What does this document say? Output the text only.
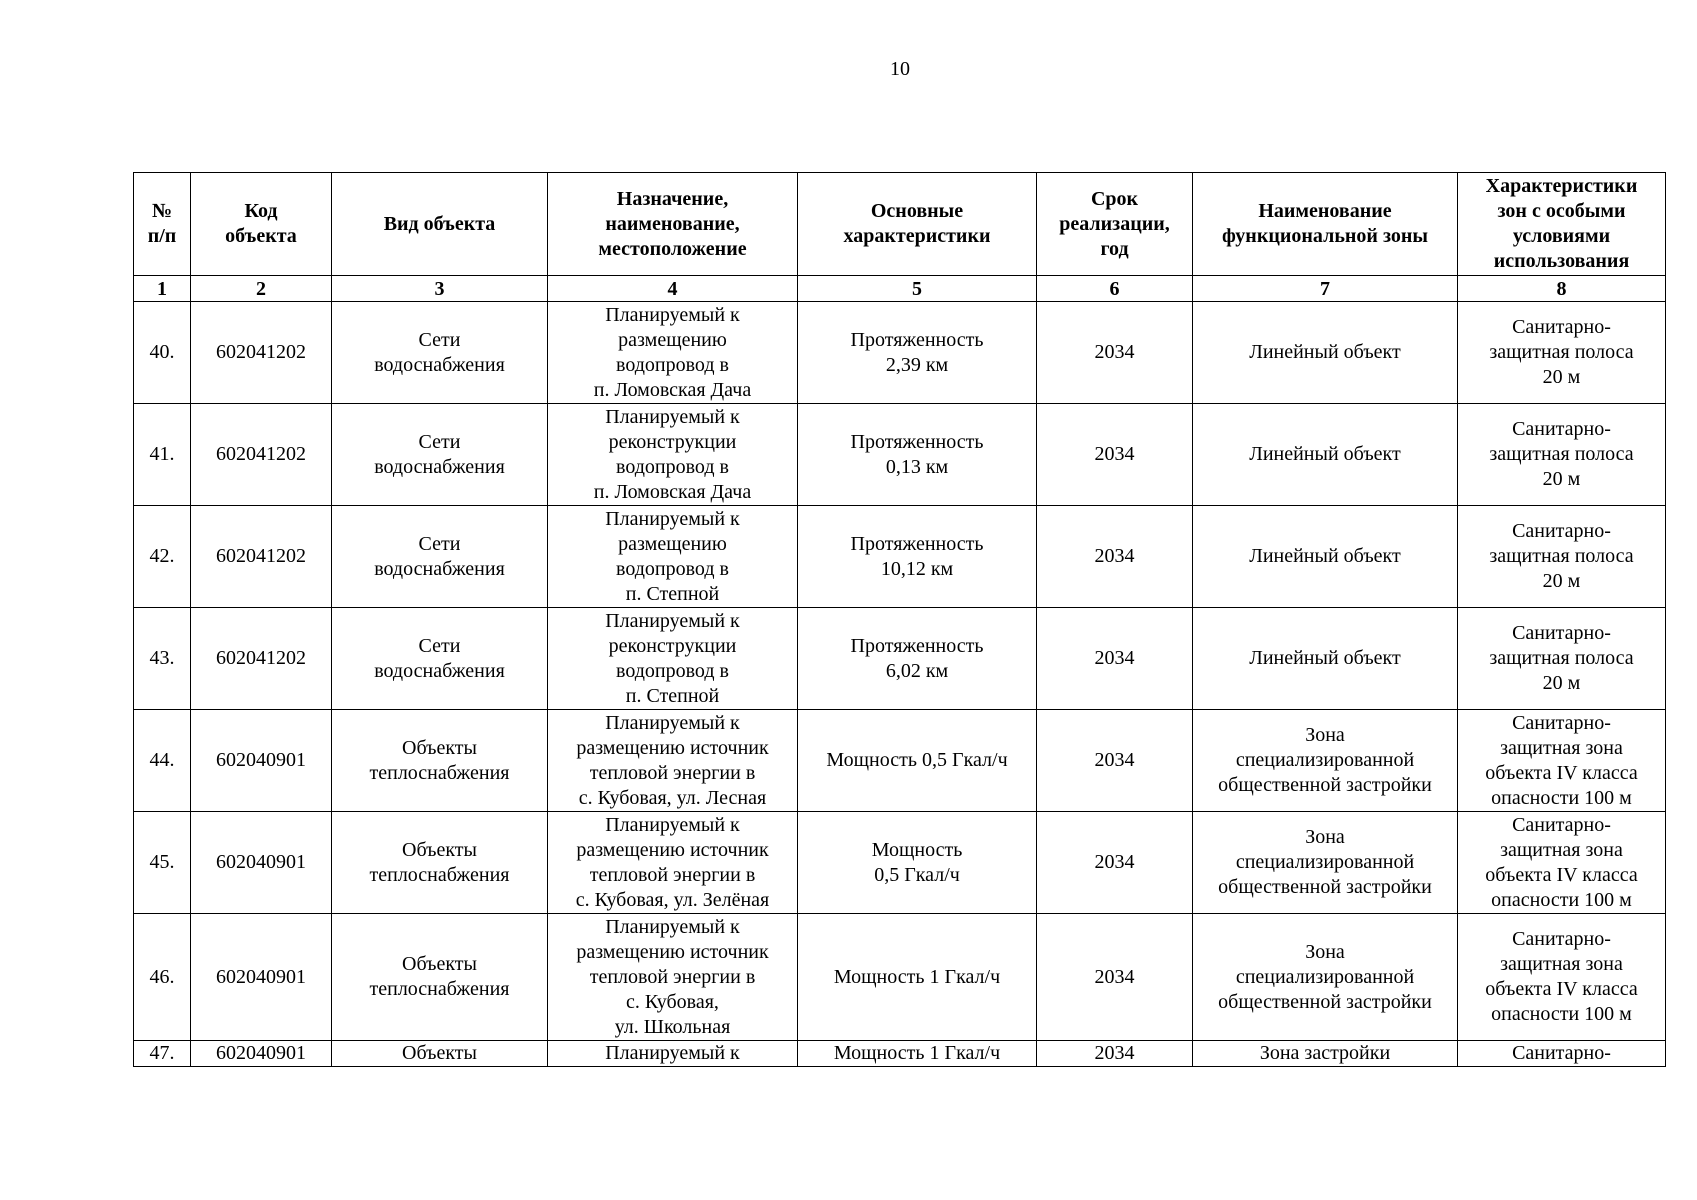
10
№
п/п	Код
объекта	Вид объекта	Назначение,
наименование,
местоположение	Основные
характеристики	Срок
реализации,
год	Наименование
функциональной зоны	Характеристики
зон с особыми
условиями
использования
1	2	3	4	5	6	7	8
40.	602041202	Сети
водоснабжения	Планируемый к
размещению
водопровод в
п. Ломовская Дача	Протяженность
2,39 км	2034	Линейный объект	Санитарно-
защитная полоса
20 м
41.	602041202	Сети
водоснабжения	Планируемый к
реконструкции
водопровод в
п. Ломовская Дача	Протяженность
0,13 км	2034	Линейный объект	Санитарно-
защитная полоса
20 м
42.	602041202	Сети
водоснабжения	Планируемый к
размещению
водопровод в
п. Степной	Протяженность
10,12 км	2034	Линейный объект	Санитарно-
защитная полоса
20 м
43.	602041202	Сети
водоснабжения	Планируемый к
реконструкции
водопровод в
п. Степной	Протяженность
6,02 км	2034	Линейный объект	Санитарно-
защитная полоса
20 м
44.	602040901	Объекты
теплоснабжения	Планируемый к
размещению источник
тепловой энергии в
с. Кубовая, ул. Лесная	Мощность 0,5 Гкал/ч	2034	Зона
специализированной
общественной застройки	Санитарно-
защитная зона
объекта IV класса
опасности 100 м
45.	602040901	Объекты
теплоснабжения	Планируемый к
размещению источник
тепловой энергии в
с. Кубовая, ул. Зелёная	Мощность
0,5 Гкал/ч	2034	Зона
специализированной
общественной застройки	Санитарно-
защитная зона
объекта IV класса
опасности 100 м
46.	602040901	Объекты
теплоснабжения	Планируемый к
размещению источник
тепловой энергии в
с. Кубовая,
ул. Школьная	Мощность 1 Гкал/ч	2034	Зона
специализированной
общественной застройки	Санитарно-
защитная зона
объекта IV класса
опасности 100 м
47.	602040901	Объекты	Планируемый к	Мощность 1 Гкал/ч	2034	Зона застройки	Санитарно-
